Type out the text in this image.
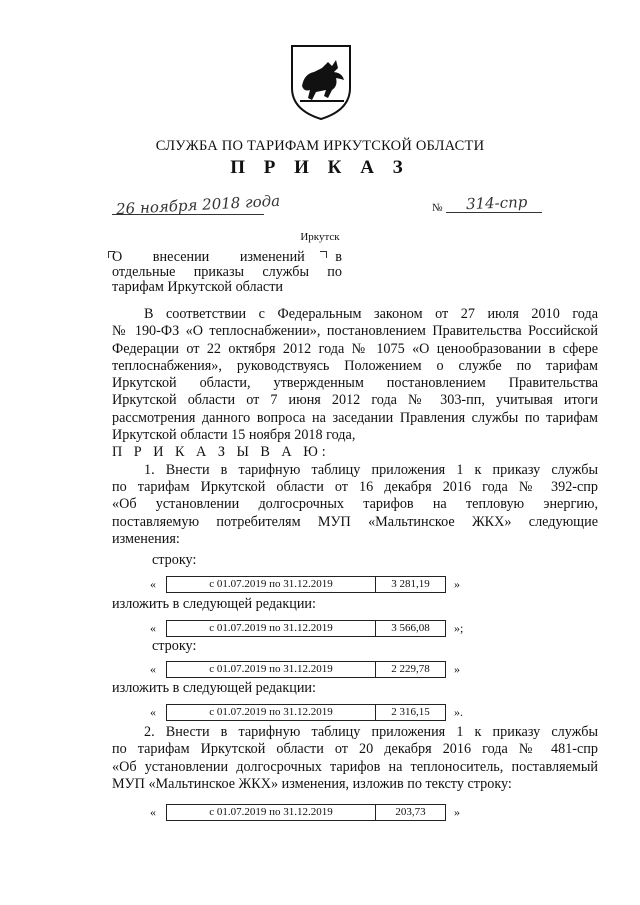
СЛУЖБА ПО ТАРИФАМ ИРКУТСКОЙ ОБЛАСТИ
П Р И К А З
26 ноября 2018 года	№ 314-спр
Иркутск
О внесении изменений в
отдельные приказы службы по
тарифам Иркутской области
В соответствии с Федеральным законом от 27 июля 2010 года
№ 190-ФЗ «О теплоснабжении», постановлением Правительства Российской
Федерации от 22 октября 2012 года № 1075 «О ценообразовании в сфере
теплоснабжения», руководствуясь Положением о службе по тарифам
Иркутской области, утвержденным постановлением Правительства
Иркутской области от 7 июня 2012 года № 303-пп, учитывая итоги
рассмотрения данного вопроса на заседании Правления службы по тарифам
Иркутской области 15 ноября 2018 года,
П Р И К А З Ы В А Ю:
1. Внести в тарифную таблицу приложения 1 к приказу службы
по тарифам Иркутской области от 16 декабря 2016 года № 392-спр
«Об установлении долгосрочных тарифов на тепловую энергию,
поставляемую потребителям МУП «Мальтинское ЖКХ» следующие
изменения:
строку:
«	с 01.07.2019 по 31.12.2019	3 281,19	»
изложить в следующей редакции:
«	с 01.07.2019 по 31.12.2019	3 566,08	»;
строку:
«	с 01.07.2019 по 31.12.2019	2 229,78	»
изложить в следующей редакции:
«	с 01.07.2019 по 31.12.2019	2 316,15	».
2. Внести в тарифную таблицу приложения 1 к приказу службы
по тарифам Иркутской области от 20 декабря 2016 года № 481-спр
«Об установлении долгосрочных тарифов на теплоноситель, поставляемый
МУП «Мальтинское ЖКХ» изменения, изложив по тексту строку:
«	с 01.07.2019 по 31.12.2019	203,73	»
